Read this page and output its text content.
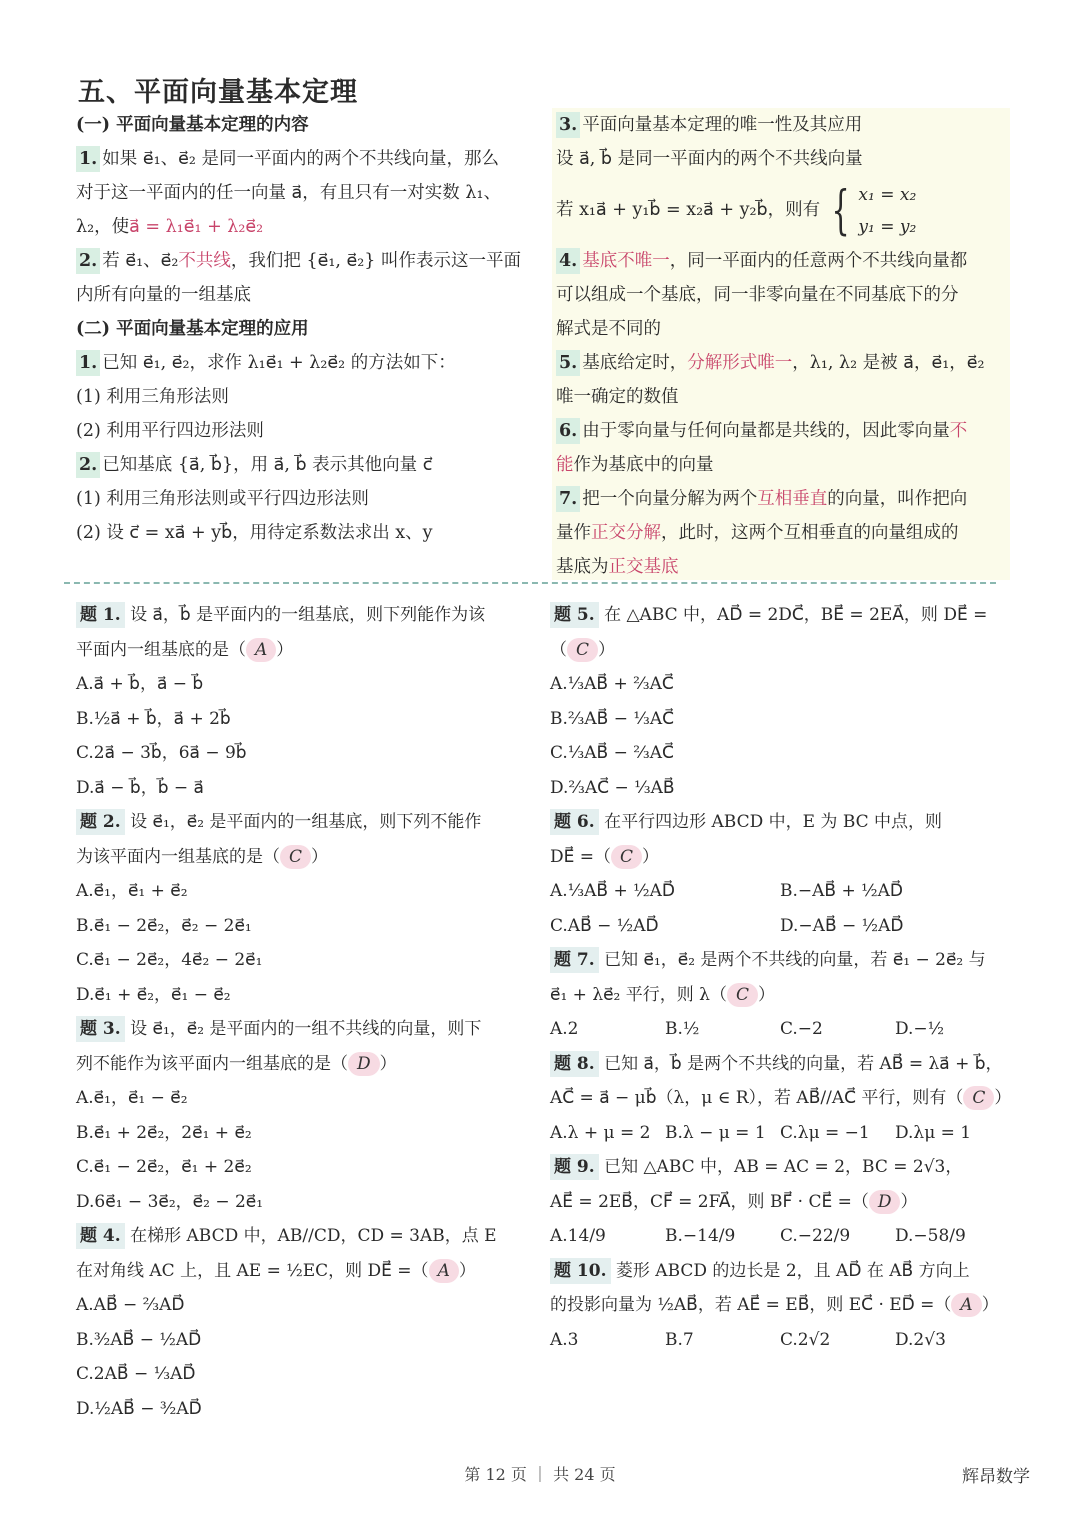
五、平面向量基本定理
(一) 平面向量基本定理的内容
1. 如果 e⃗₁、e⃗₂ 是同一平面内的两个不共线向量，那么
对于这一平面内的任一向量 a⃗，有且只有一对实数 λ₁、
λ₂，使a⃗ = λ₁e⃗₁ + λ₂e⃗₂
2. 若 e⃗₁、e⃗₂不共线，我们把 {e⃗₁, e⃗₂} 叫作表示这一平面
内所有向量的一组基底
(二) 平面向量基本定理的应用
1. 已知 e⃗₁, e⃗₂，求作 λ₁e⃗₁ + λ₂e⃗₂ 的方法如下：
(1) 利用三角形法则
(2) 利用平行四边形法则
2. 已知基底 {a⃗, b⃗}，用 a⃗, b⃗ 表示其他向量 c⃗
(1) 利用三角形法则或平行四边形法则
(2) 设 c⃗ = xa⃗ + yb⃗，用待定系数法求出 x、y
3. 平面向量基本定理的唯一性及其应用
设 a⃗, b⃗ 是同一平面内的两个不共线向量
若 x₁a⃗ + y₁b⃗ = x₂a⃗ + y₂b⃗，则有 { x₁ = x₂
y₁ = y₂
4. 基底不唯一，同一平面内的任意两个不共线向量都
可以组成一个基底，同一非零向量在不同基底下的分
解式是不同的
5. 基底给定时，分解形式唯一，λ₁, λ₂ 是被 a⃗，e⃗₁，e⃗₂
唯一确定的数值
6. 由于零向量与任何向量都是共线的，因此零向量不
能作为基底中的向量
7. 把一个向量分解为两个互相垂直的向量，叫作把向
量作正交分解，此时，这两个互相垂直的向量组成的
基底为正交基底
题 1. 设 a⃗，b⃗ 是平面内的一组基底，则下列能作为该
平面内一组基底的是（ A ）
A.a⃗ + b⃗，a⃗ − b⃗
B.½a⃗ + b⃗，a⃗ + 2b⃗
C.2a⃗ − 3b⃗，6a⃗ − 9b⃗
D.a⃗ − b⃗，b⃗ − a⃗
题 2. 设 e⃗₁，e⃗₂ 是平面内的一组基底，则下列不能作
为该平面内一组基底的是（ C ）
A.e⃗₁，e⃗₁ + e⃗₂
B.e⃗₁ − 2e⃗₂，e⃗₂ − 2e⃗₁
C.e⃗₁ − 2e⃗₂，4e⃗₂ − 2e⃗₁
D.e⃗₁ + e⃗₂，e⃗₁ − e⃗₂
题 3. 设 e⃗₁，e⃗₂ 是平面内的一组不共线的向量，则下
列不能作为该平面内一组基底的是（ D ）
A.e⃗₁，e⃗₁ − e⃗₂
B.e⃗₁ + 2e⃗₂，2e⃗₁ + e⃗₂
C.e⃗₁ − 2e⃗₂，e⃗₁ + 2e⃗₂
D.6e⃗₁ − 3e⃗₂，e⃗₂ − 2e⃗₁
题 4. 在梯形 ABCD 中，AB//CD，CD = 3AB，点 E
在对角线 AC 上，且 AE = ½EC，则 DE⃗ =（ A ）
A.AB⃗ − ⅔AD⃗
B.³⁄₂AB⃗ − ½AD⃗
C.2AB⃗ − ⅓AD⃗
D.½AB⃗ − ³⁄₂AD⃗
题 5. 在 △ABC 中，AD⃗ = 2DC⃗，BE⃗ = 2EA⃗，则 DE⃗ =
（ C ）
A.⅓AB⃗ + ⅔AC⃗
B.⅔AB⃗ − ⅓AC⃗
C.⅓AB⃗ − ⅔AC⃗
D.⅔AC⃗ − ⅓AB⃗
题 6. 在平行四边形 ABCD 中，E 为 BC 中点，则
DE⃗ =（ C ）
A.⅓AB⃗ + ½AD⃗	B.−AB⃗ + ½AD⃗
C.AB⃗ − ½AD⃗	D.−AB⃗ − ½AD⃗
题 7. 已知 e⃗₁，e⃗₂ 是两个不共线的向量，若 e⃗₁ − 2e⃗₂ 与
e⃗₁ + λe⃗₂ 平行，则 λ（ C ）
A.2	B.½	C.−2	D.−½
题 8. 已知 a⃗，b⃗ 是两个不共线的向量，若 AB⃗ = λa⃗ + b⃗，
AC⃗ = a⃗ − μb⃗（λ，μ ∈ R），若 AB⃗//AC⃗ 平行，则有（ C ）
A.λ + μ = 2 B.λ − μ = 1 C.λμ = −1	D.λμ = 1
题 9. 已知 △ABC 中，AB = AC = 2，BC = 2√3，
AE⃗ = 2EB⃗，CF⃗ = 2FA⃗，则 BF⃗ · CE⃗ =（ D ）
A.14/9	B.−14/9	C.−22/9	D.−58/9
题 10. 菱形 ABCD 的边长是 2，且 AD⃗ 在 AB⃗ 方向上
的投影向量为 ½AB⃗，若 AE⃗ = EB⃗，则 EC⃗ · ED⃗ =（ A ）
A.3	B.7	C.2√2	D.2√3
第 12 页 ｜ 共 24 页	辉昂数学
